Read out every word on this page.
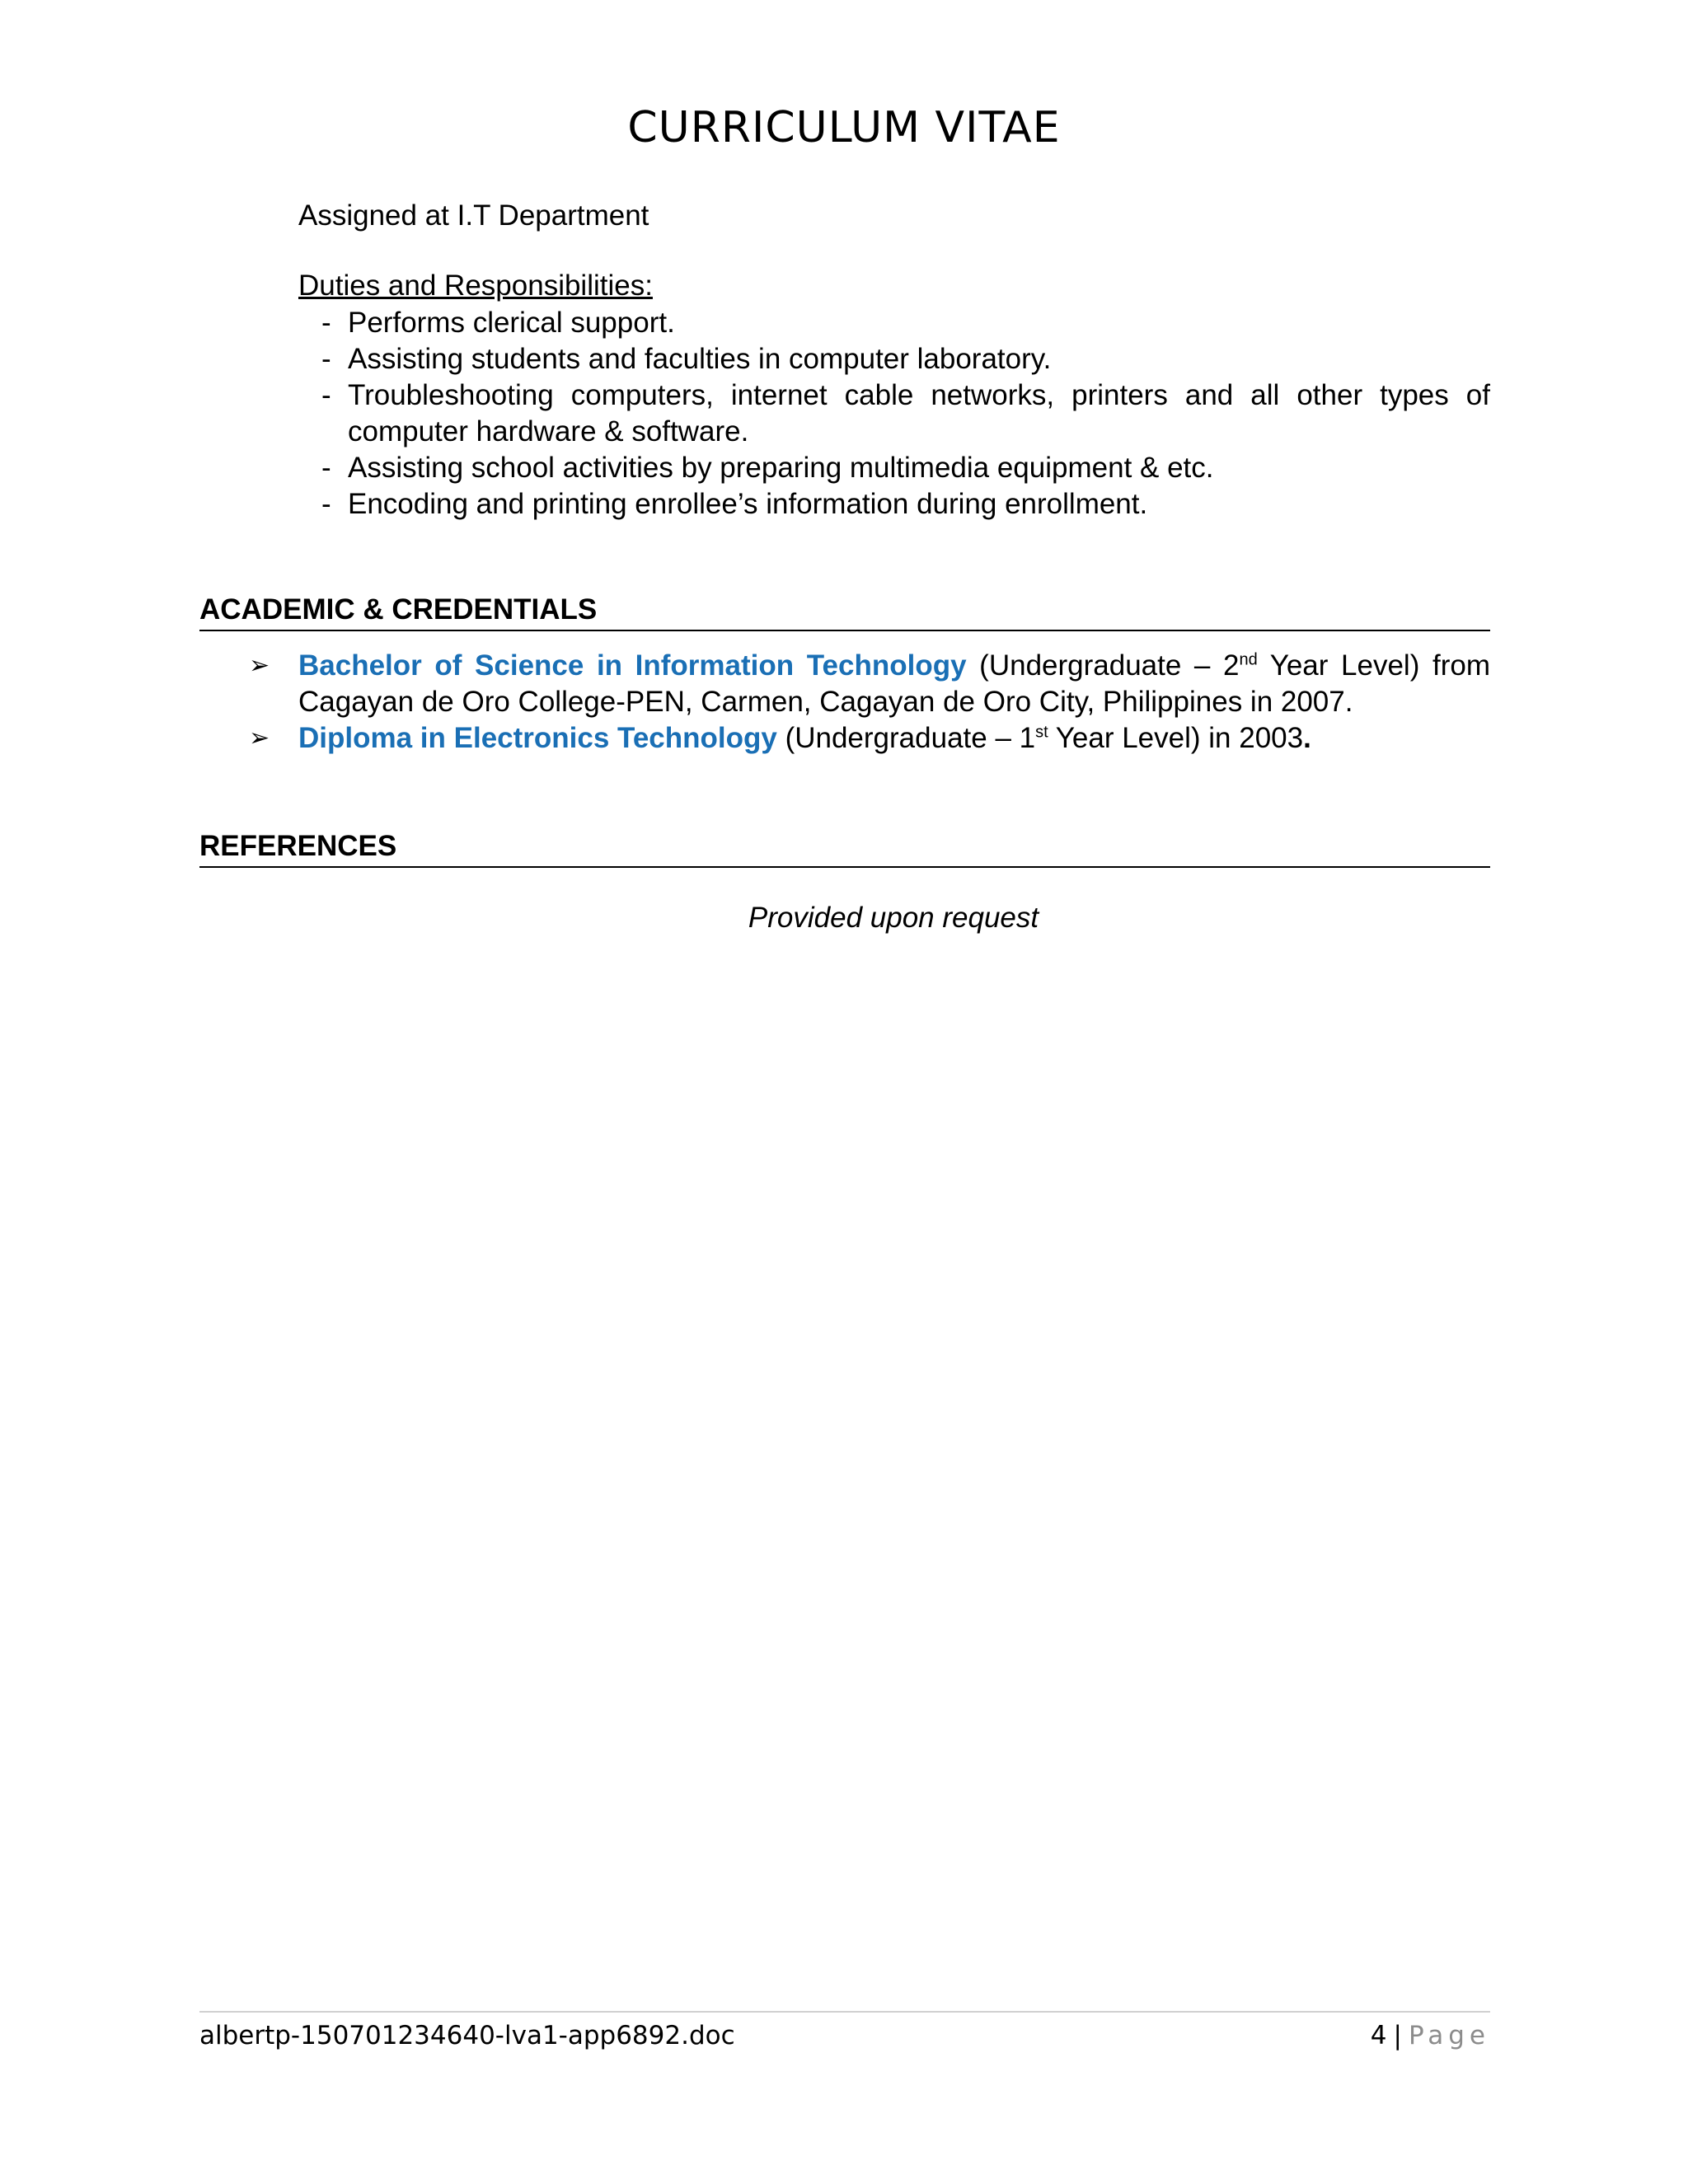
CURRICULUM VITAE
Assigned at I.T Department
Duties and Responsibilities:
- Performs clerical support.
- Assisting students and faculties in computer laboratory.
- Troubleshooting computers, internet cable networks, printers and all other types of computer hardware & software.
- Assisting school activities by preparing multimedia equipment & etc.
- Encoding and printing enrollee’s information during enrollment.
ACADEMIC & CREDENTIALS
➢ Bachelor of Science in Information Technology (Undergraduate – 2nd Year Level) from Cagayan de Oro College-PEN, Carmen, Cagayan de Oro City, Philippines in 2007.
➢ Diploma in Electronics Technology (Undergraduate – 1st Year Level) in 2003.
REFERENCES
Provided upon request
albertp-150701234640-lva1-app6892.doc	4 | Page
